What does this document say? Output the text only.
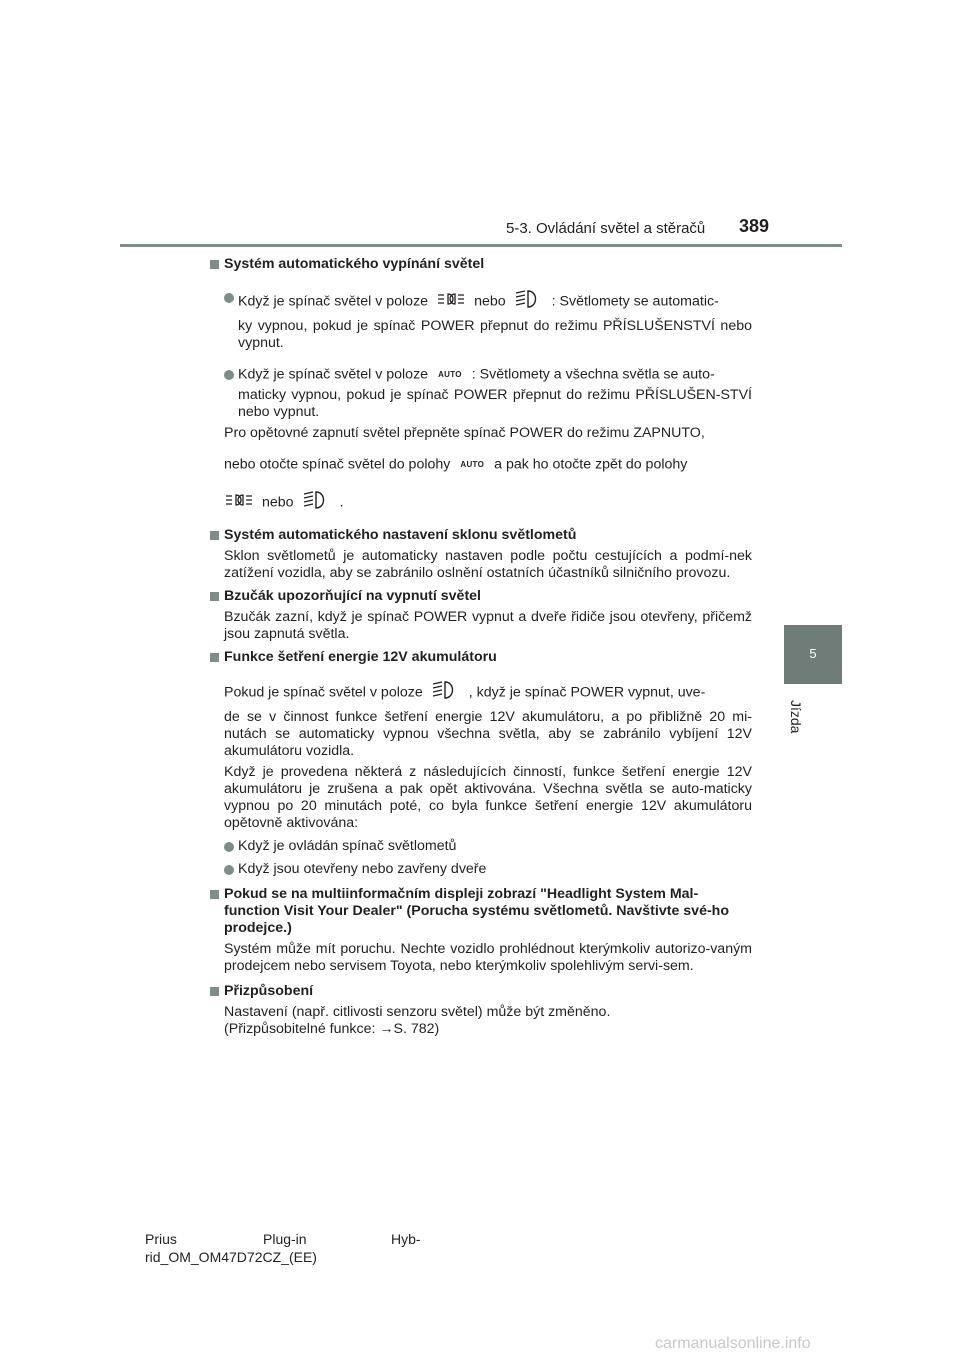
5-3. Ovládání světel a stěračů 389
5
Jízda
Systém automatického vypínání světel
Když je spínač světel v poloze	nebo	: Světlomety se automatic-
ky vypnou, pokud je spínač POWER přepnut do režimu PŘÍSLUŠENSTVÍ nebo vypnut.
Když je spínač světel v poloze AUTO : Světlomety a všechna světla se auto-
maticky vypnou, pokud je spínač POWER přepnut do režimu PŘÍSLUŠEN-STVÍ nebo vypnut.
Pro opětovné zapnutí světel přepněte spínač POWER do režimu ZAPNUTO,
nebo otočte spínač světel do polohy AUTO a pak ho otočte zpět do polohy
nebo	.
Systém automatického nastavení sklonu světlometů
Sklon světlometů je automaticky nastaven podle počtu cestujících a podmí-nek zatížení vozidla, aby se zabránilo oslnění ostatních účastníků silničního provozu.
Bzučák upozorňující na vypnutí světel
Bzučák zazní, když je spínač POWER vypnut a dveře řidiče jsou otevřeny, přičemž jsou zapnutá světla.
Funkce šetření energie 12V akumulátoru
Pokud je spínač světel v poloze	, když je spínač POWER vypnut, uve-
de se v činnost funkce šetření energie 12V akumulátoru, a po přibližně 20 mi-nutách se automaticky vypnou všechna světla, aby se zabránilo vybíjení 12V akumulátoru vozidla.
Když je provedena některá z následujících činností, funkce šetření energie 12V akumulátoru je zrušena a pak opět aktivována. Všechna světla se auto-maticky vypnou po 20 minutách poté, co byla funkce šetření energie 12V akumulátoru opětovně aktivována:
Když je ovládán spínač světlometů
Když jsou otevřeny nebo zavřeny dveře
Pokud se na multiinformačním displeji zobrazí "Headlight System Mal-function Visit Your Dealer" (Porucha systému světlometů. Navštivte své-ho prodejce.)
Systém může mít poruchu. Nechte vozidlo prohlédnout kterýmkoliv autorizo-vaným prodejcem nebo servisem Toyota, nebo kterýmkoliv spolehlivým servi-sem.
Přizpůsobení
Nastavení (např. citlivosti senzoru světel) může být změněno.
(Přizpůsobitelné funkce: →S. 782)
Prius	Plug-in	Hyb-
rid_OM_OM47D72CZ_(EE)
carmanualsonline.info
